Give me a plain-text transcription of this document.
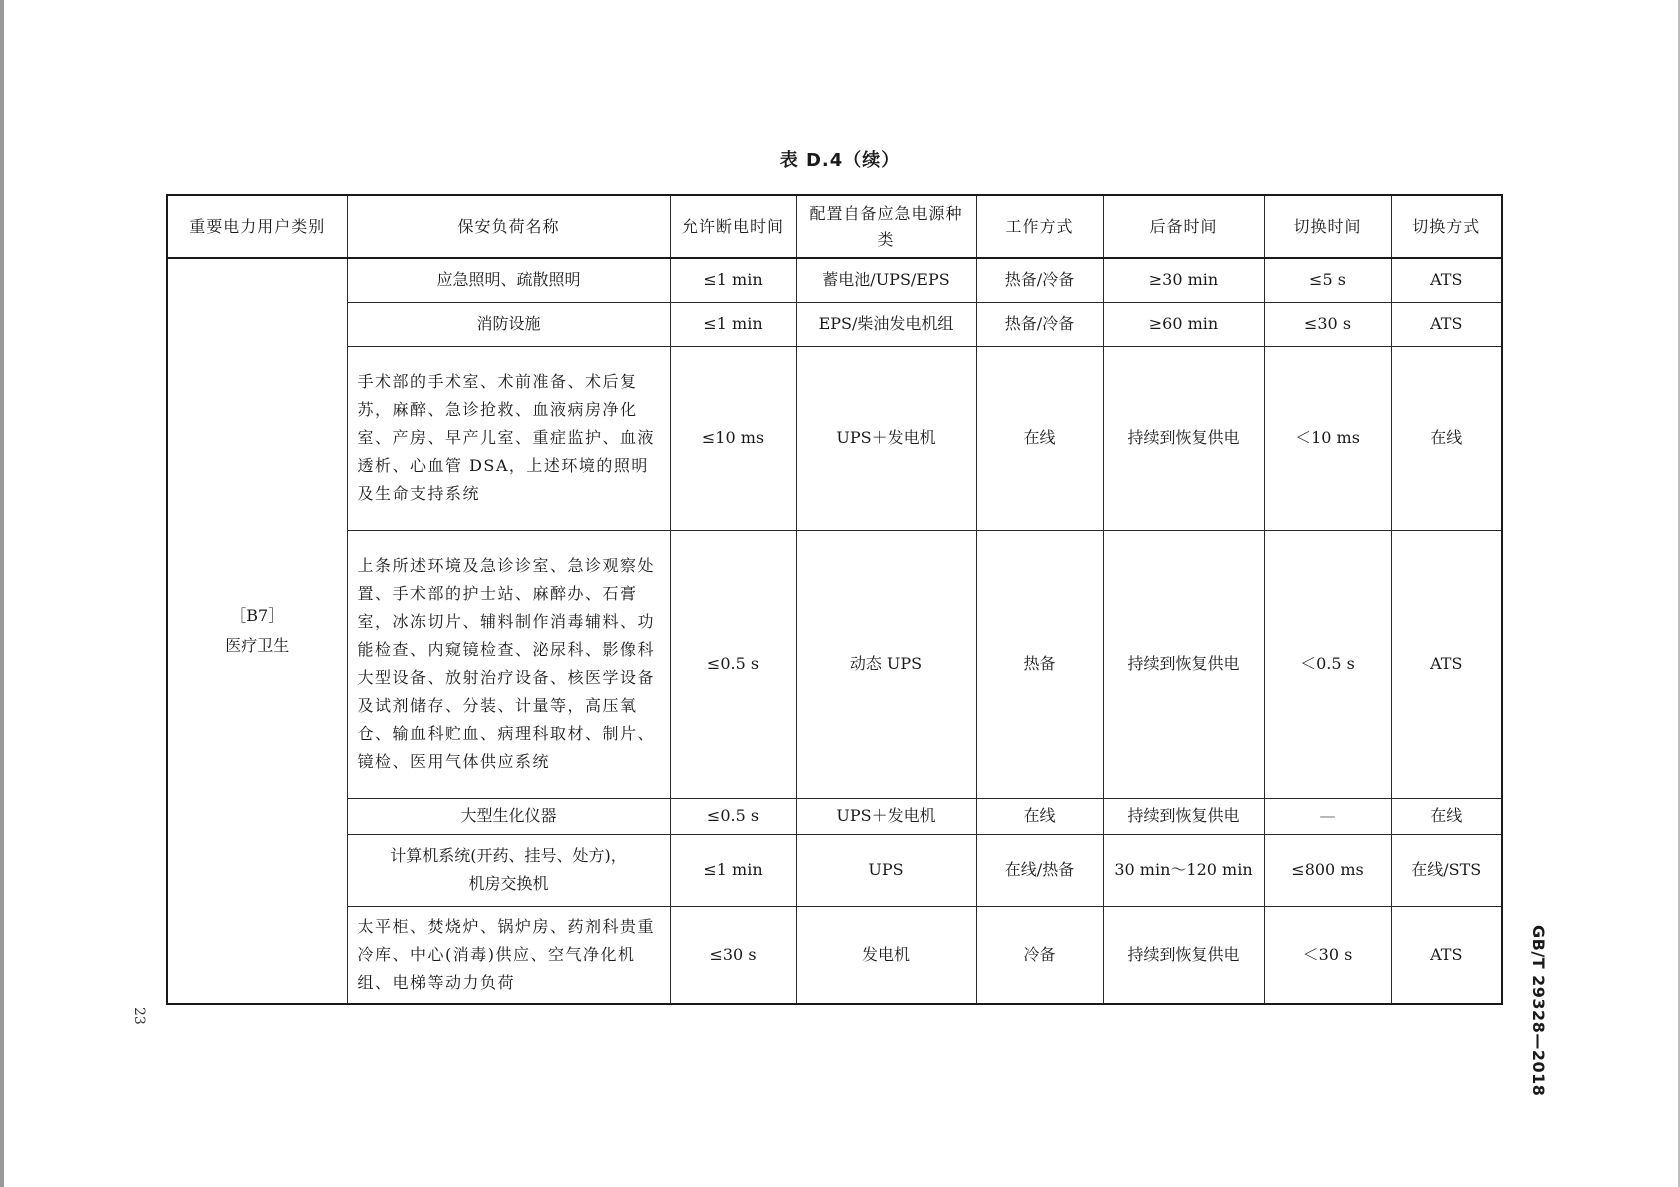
表 D.4（续）
重要电力用户类别	保安负荷名称	允许断电时间	配置自备应急电源种类	工作方式	后备时间	切换时间	切换方式

［B7］
医疗卫生	应急照明、疏散照明	≤1 min	蓄电池/UPS/EPS	热备/冷备	≥30 min	≤5 s	ATS
	消防设施	≤1 min	EPS/柴油发电机组	热备/冷备	≥60 min	≤30 s	ATS
	手术部的手术室、术前准备、术后复苏，麻醉、急诊抢救、血液病房净化室、产房、早产儿室、重症监护、血液透析、心血管 DSA，上述环境的照明及生命支持系统	≤10 ms	UPS＋发电机	在线	持续到恢复供电	＜10 ms	在线
	上条所述环境及急诊诊室、急诊观察处置、手术部的护士站、麻醉办、石膏室，冰冻切片、辅料制作消毒辅料、功能检查、内窥镜检查、泌尿科、影像科大型设备、放射治疗设备、核医学设备及试剂储存、分装、计量等，高压氧仓、输血科贮血、病理科取材、制片、镜检、医用气体供应系统	≤0.5 s	动态 UPS	热备	持续到恢复供电	＜0.5 s	ATS
	大型生化仪器	≤0.5 s	UPS＋发电机	在线	持续到恢复供电	—	在线
	计算机系统(开药、挂号、处方)，机房交换机	≤1 min	UPS	在线/热备	30 min～120 min	≤800 ms	在线/STS
	太平柜、焚烧炉、锅炉房、药剂科贵重冷库、中心(消毒)供应、空气净化机组、电梯等动力负荷	≤30 s	发电机	冷备	持续到恢复供电	＜30 s	ATS	GB/T 29328—2018
23
